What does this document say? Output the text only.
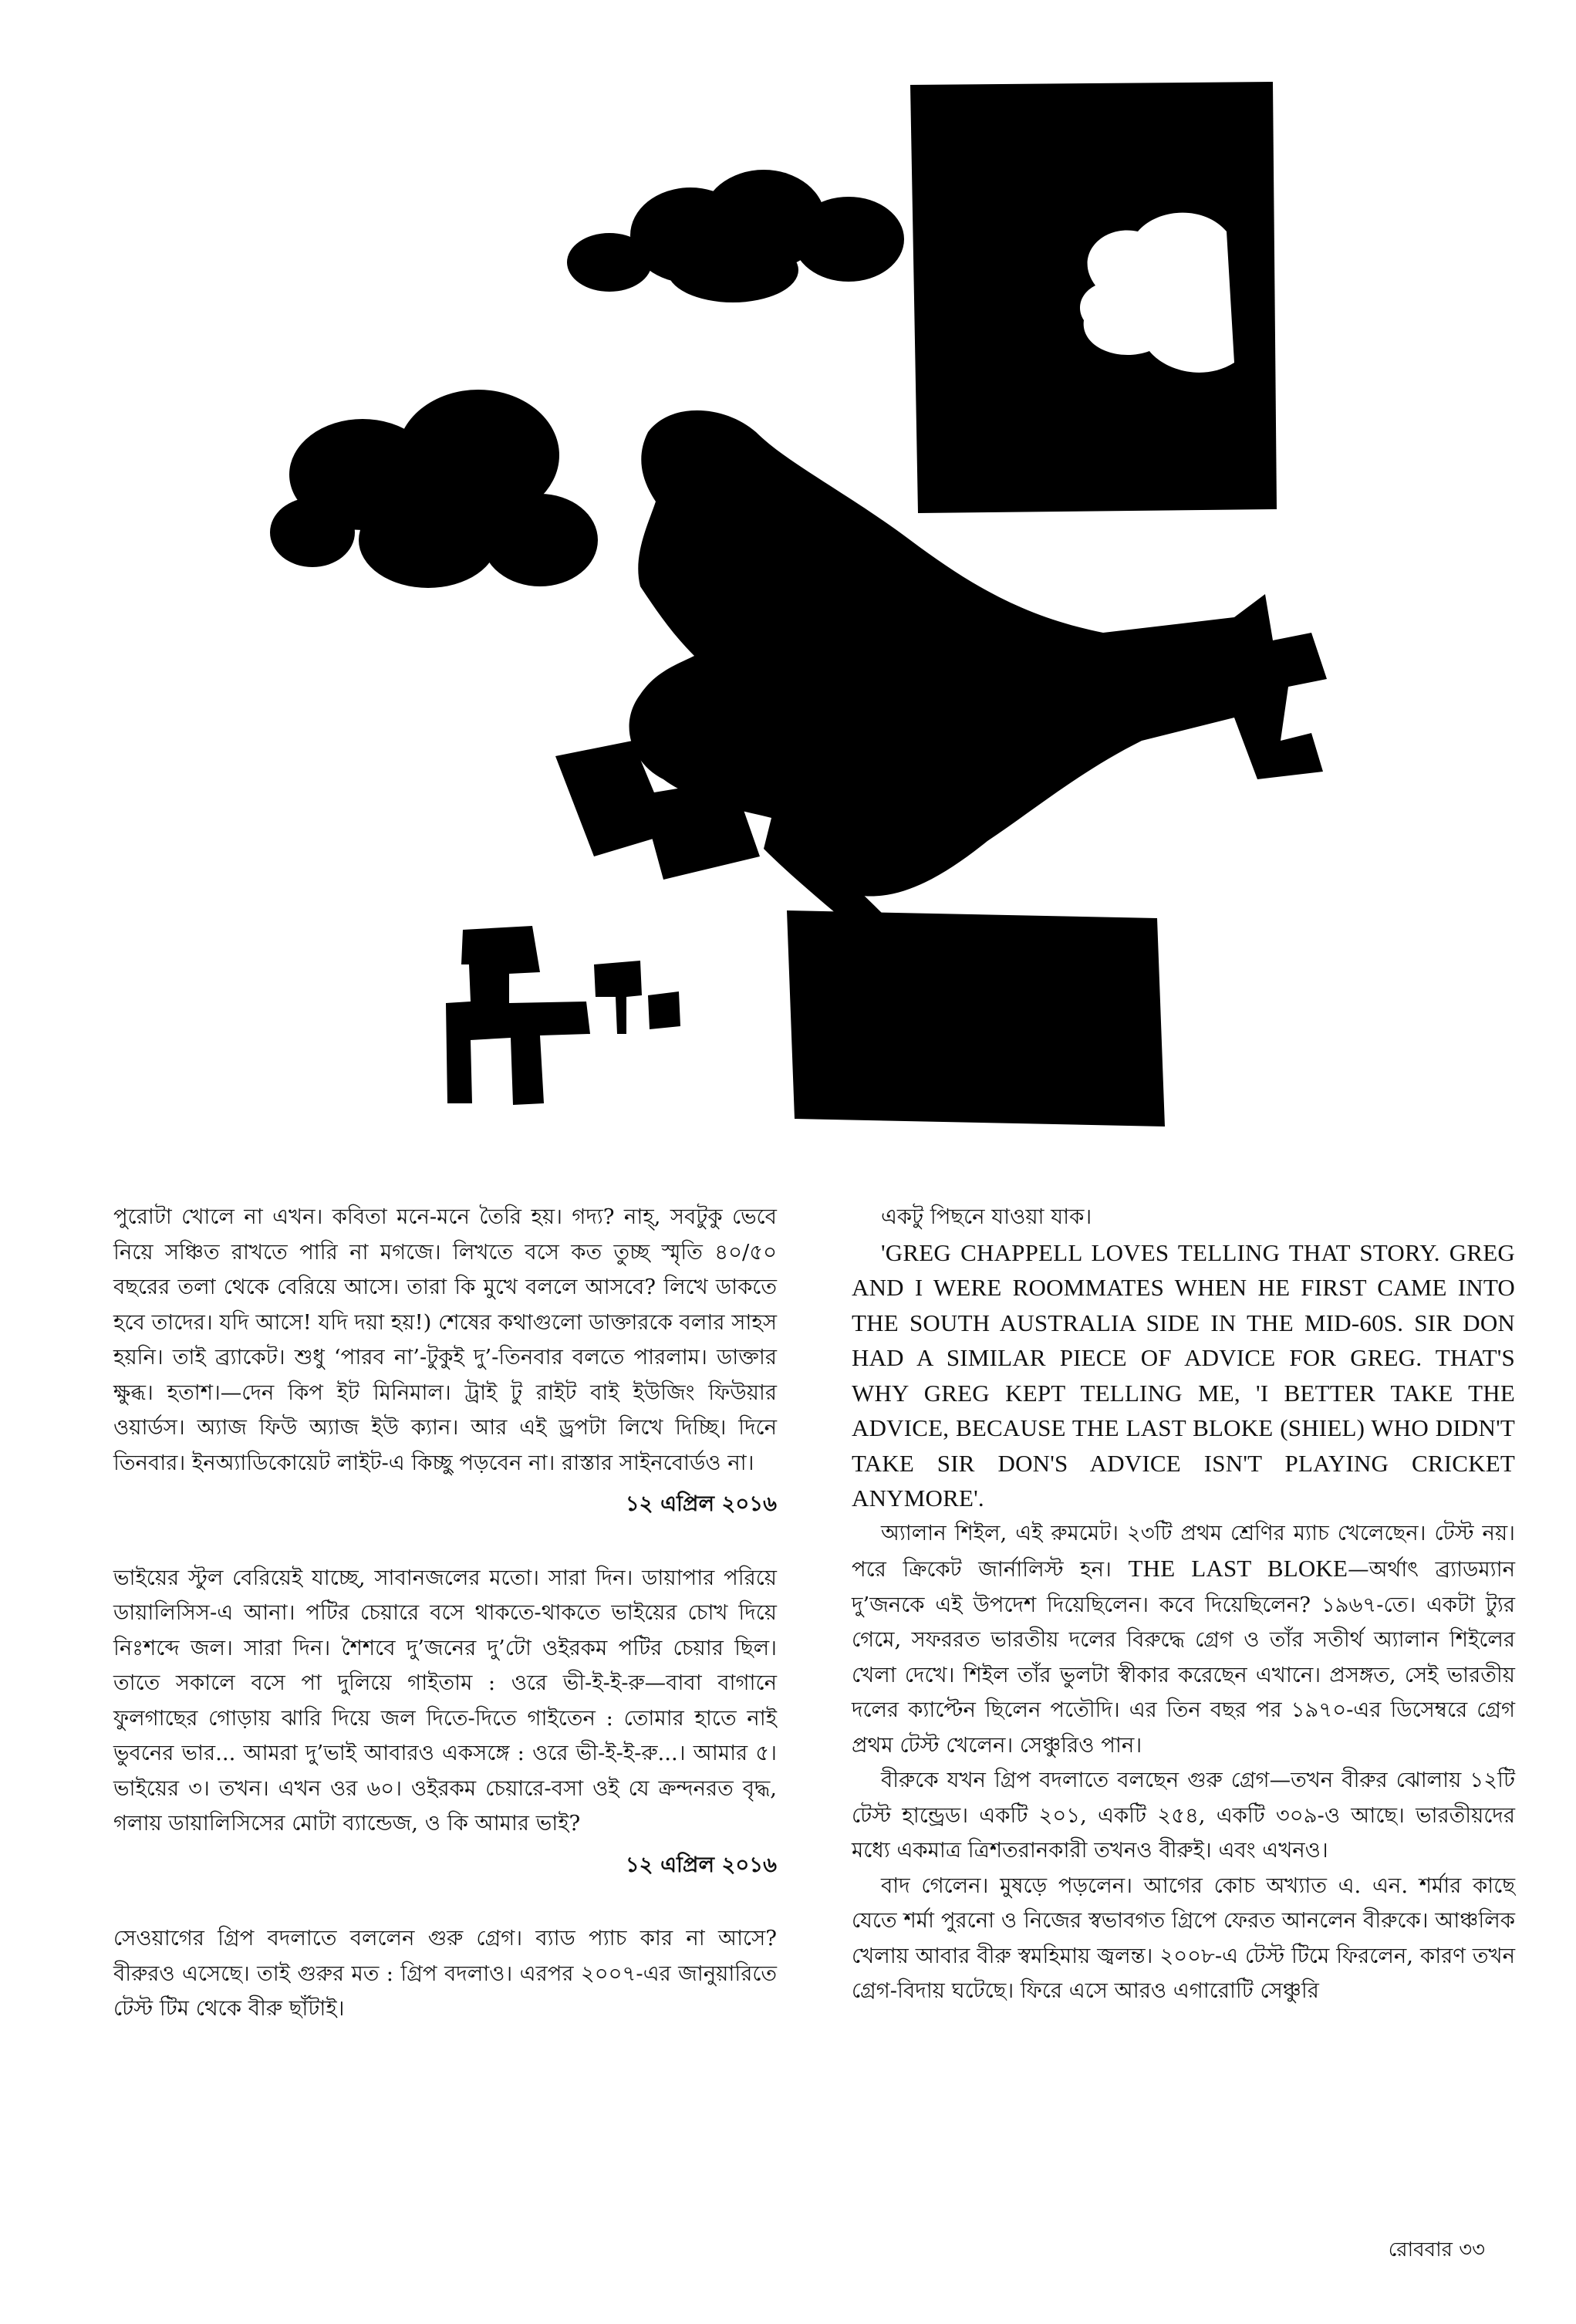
পুরোটা খোলে না এখন। কবিতা মনে-মনে তৈরি হয়। গদ্য? নাহ্‌, সবটুকু ভেবে নিয়ে সঞ্চিত রাখতে পারি না মগজে। লিখতে বসে কত তুচ্ছ স্মৃতি ৪০/৫০ বছরের তলা থেকে বেরিয়ে আসে। তারা কি মুখে বললে আসবে? লিখে ডাকতে হবে তাদের। যদি আসে! যদি দয়া হয়!) শেষের কথাগুলো ডাক্তারকে বলার সাহস হয়নি। তাই ব্র্যাকেট। শুধু ‘পারব না’-টুকুই দু’-তিনবার বলতে পারলাম। ডাক্তার ক্ষুব্ধ। হতাশ।—দেন কিপ ইট মিনিমাল। ট্রাই টু রাইট বাই ইউজিং ফিউয়ার ওয়ার্ডস। অ্যাজ ফিউ অ্যাজ ইউ ক্যান। আর এই ড্রপটা লিখে দিচ্ছি। দিনে তিনবার। ইনঅ্যাডিকোয়েট লাইট-এ কিচ্ছু পড়বেন না। রাস্তার সাইনবোর্ডও না।

১২ এপ্রিল ২০১৬

ভাইয়ের স্টুল বেরিয়েই যাচ্ছে, সাবানজলের মতো। সারা দিন। ডায়াপার পরিয়ে ডায়ালিসিস-এ আনা। পটির চেয়ারে বসে থাকতে-থাকতে ভাইয়ের চোখ দিয়ে নিঃশব্দে জল। সারা দিন। শৈশবে দু’জনের দু’টো ওইরকম পটির চেয়ার ছিল। তাতে সকালে বসে পা দুলিয়ে গাইতাম : ওরে ভী-ই-ই-রু—বাবা বাগানে ফুলগাছের গোড়ায় ঝারি দিয়ে জল দিতে-দিতে গাইতেন : তোমার হাতে নাই ভুবনের ভার... আমরা দু’ভাই আবারও একসঙ্গে : ওরে ভী-ই-ই-রু...। আমার ৫। ভাইয়ের ৩। তখন। এখন ওর ৬০। ওইরকম চেয়ারে-বসা ওই যে ক্রন্দনরত বৃদ্ধ, গলায় ডায়ালিসিসের মোটা ব্যান্ডেজ, ও কি আমার ভাই?

১২ এপ্রিল ২০১৬

সেওয়াগের গ্রিপ বদলাতে বললেন গুরু গ্রেগ। ব্যাড প্যাচ কার না আসে? বীরুরও এসেছে। তাই গুরুর মত : গ্রিপ বদলাও। এরপর ২০০৭-এর জানুয়ারিতে টেস্ট টিম থেকে বীরু ছাঁটাই।

একটু পিছনে যাওয়া যাক।

'GREG CHAPPELL LOVES TELLING THAT STORY. GREG AND I WERE ROOMMATES WHEN HE FIRST CAME INTO THE SOUTH AUSTRALIA SIDE IN THE MID-60S. SIR DON HAD A SIMILAR PIECE OF ADVICE FOR GREG. THAT'S WHY GREG KEPT TELLING ME, 'I BETTER TAKE THE ADVICE, BECAUSE THE LAST BLOKE (SHIEL) WHO DIDN'T TAKE SIR DON'S ADVICE ISN'T PLAYING CRICKET ANYMORE'.

অ্যালান শিইল, এই রুমমেট। ২৩টি প্রথম শ্রেণির ম্যাচ খেলেছেন। টেস্ট নয়। পরে ক্রিকেট জার্নালিস্ট হন। THE LAST BLOKE—অর্থাৎ ব্র্যাডম্যান দু’জনকে এই উপদেশ দিয়েছিলেন। কবে দিয়েছিলেন? ১৯৬৭-তে। একটা ট্যুর গেমে, সফররত ভারতীয় দলের বিরুদ্ধে গ্রেগ ও তাঁর সতীর্থ অ্যালান শিইলের খেলা দেখে। শিইল তাঁর ভুলটা স্বীকার করেছেন এখানে। প্রসঙ্গত, সেই ভারতীয় দলের ক্যাপ্টেন ছিলেন পতৌদি। এর তিন বছর পর ১৯৭০-এর ডিসেম্বরে গ্রেগ প্রথম টেস্ট খেলেন। সেঞ্চুরিও পান।

বীরুকে যখন গ্রিপ বদলাতে বলছেন গুরু গ্রেগ—তখন বীরুর ঝোলায় ১২টি টেস্ট হান্ড্রেড। একটি ২০১, একটি ২৫৪, একটি ৩০৯-ও আছে। ভারতীয়দের মধ্যে একমাত্র ত্রিশতরানকারী তখনও বীরুই। এবং এখনও।

বাদ গেলেন। মুষড়ে পড়লেন। আগের কোচ অখ্যাত এ. এন. শর্মার কাছে যেতে শর্মা পুরনো ও নিজের স্বভাবগত গ্রিপে ফেরত আনলেন বীরুকে। আঞ্চলিক খেলায় আবার বীরু স্বমহিমায় জ্বলন্ত। ২০০৮-এ টেস্ট টিমে ফিরলেন, কারণ তখন গ্রেগ-বিদায় ঘটেছে। ফিরে এসে আরও এগারোটি সেঞ্চুরি

রোববার ৩৩
